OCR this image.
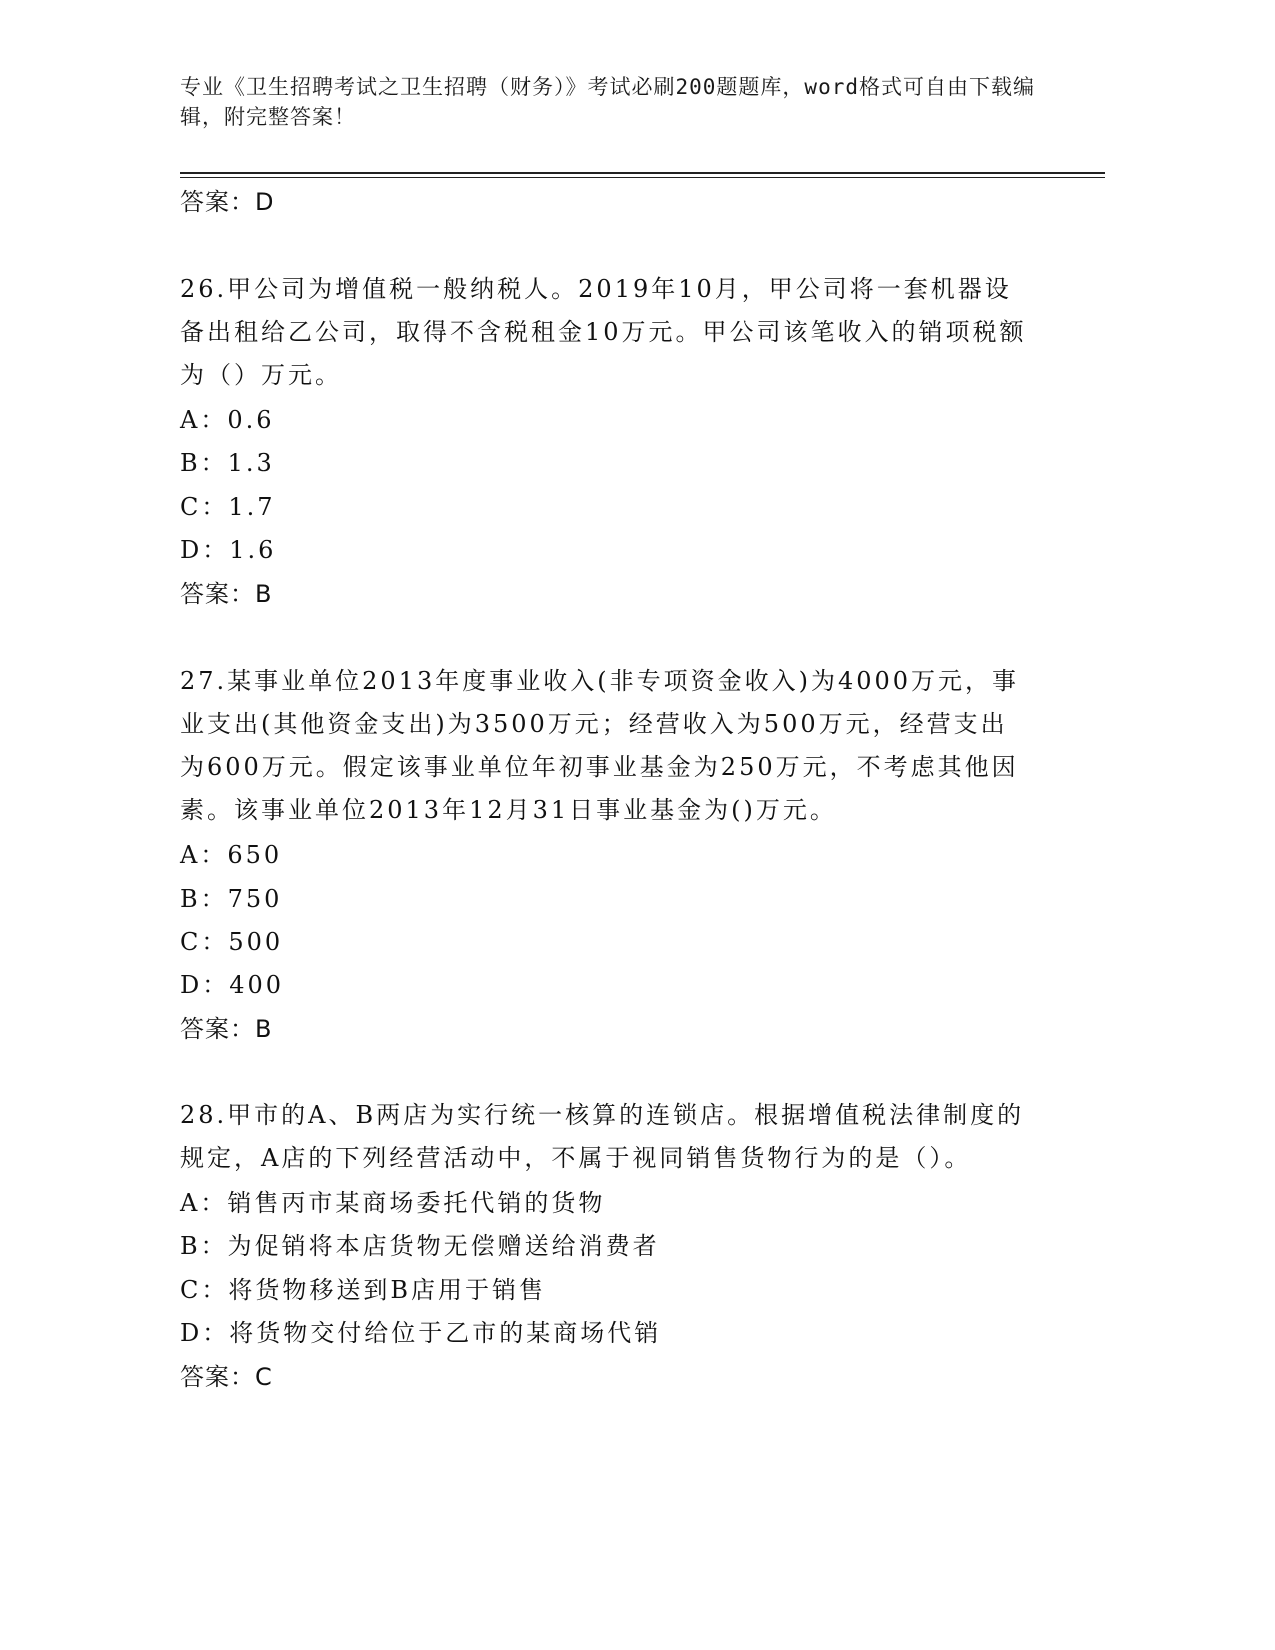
专业《卫生招聘考试之卫生招聘（财务）》考试必刷200题题库，word格式可自由下载编辑，附完整答案！
答案：D
26.甲公司为增值税一般纳税人。2019年10月，甲公司将一套机器设备出租给乙公司，取得不含税租金10万元。甲公司该笔收入的销项税额为（）万元。
A：0.6
B：1.3
C：1.7
D：1.6
答案：B
27.某事业单位2013年度事业收入(非专项资金收入)为4000万元，事业支出(其他资金支出)为3500万元；经营收入为500万元，经营支出为600万元。假定该事业单位年初事业基金为250万元，不考虑其他因素。该事业单位2013年12月31日事业基金为()万元。
A：650
B：750
C：500
D：400
答案：B
28.甲市的A、B两店为实行统一核算的连锁店。根据增值税法律制度的规定，A店的下列经营活动中，不属于视同销售货物行为的是（）。
A：销售丙市某商场委托代销的货物
B：为促销将本店货物无偿赠送给消费者
C：将货物移送到B店用于销售
D：将货物交付给位于乙市的某商场代销
答案：C
